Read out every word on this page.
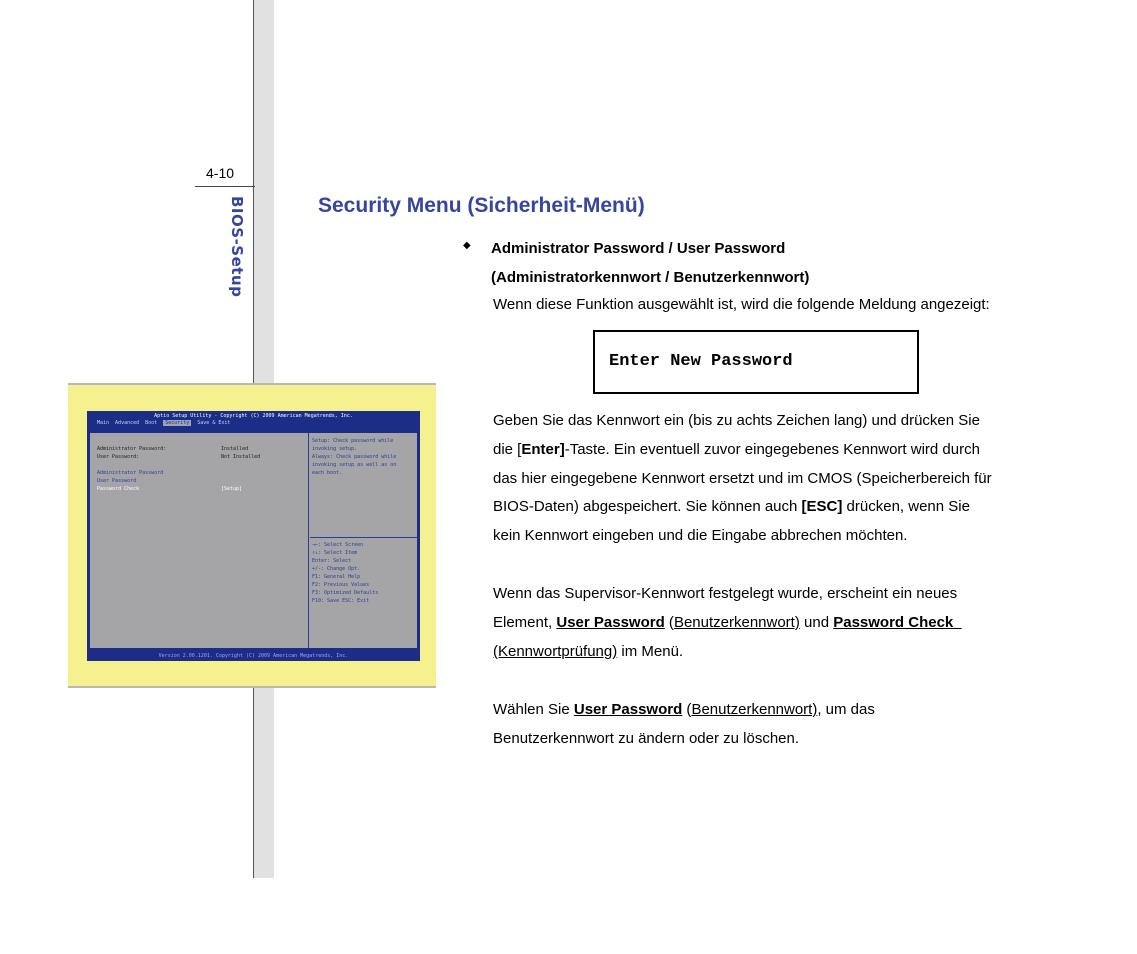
4-10
BIOS-Setup
Aptio Setup Utility - Copyright (C) 2009 American Megatrends, Inc.
Main Advanced Boot	Security	Save & Exit
Administrator Password:	Installed
User Password:	Not Installed
Administrator Password
User Password
Password Check	[Setup]
Setup: Check password while
invoking setup.
Always: Check password while
invoking setup as well as on
each boot.
→←: Select Screen
↑↓: Select Item
Enter: Select
+/-: Change Opt.
F1: General Help
F2: Previous Values
F3: Optimized Defaults
F10: Save ESC: Exit
Version 2.00.1201. Copyright (C) 2009 American Megatrends, Inc.
Security Menu (Sicherheit-Menü)
◆ Administrator Password / User Password
(Administratorkennwort / Benutzerkennwort)
Wenn diese Funktion ausgewählt ist, wird die folgende Meldung angezeigt:
Enter New Password
Geben Sie das Kennwort ein (bis zu achts Zeichen lang) und drücken Sie
die [Enter]-Taste. Ein eventuell zuvor eingegebenes Kennwort wird durch
das hier eingegebene Kennwort ersetzt und im CMOS (Speicherbereich für
BIOS-Daten) abgespeichert. Sie können auch [ESC] drücken, wenn Sie
kein Kennwort eingeben und die Eingabe abbrechen möchten.
Wenn das Supervisor-Kennwort festgelegt wurde, erscheint ein neues
Element, User Password (Benutzerkennwort) und Password Check
(Kennwortprüfung) im Menü.
Wählen Sie User Password (Benutzerkennwort), um das
Benutzerkennwort zu ändern oder zu löschen.
